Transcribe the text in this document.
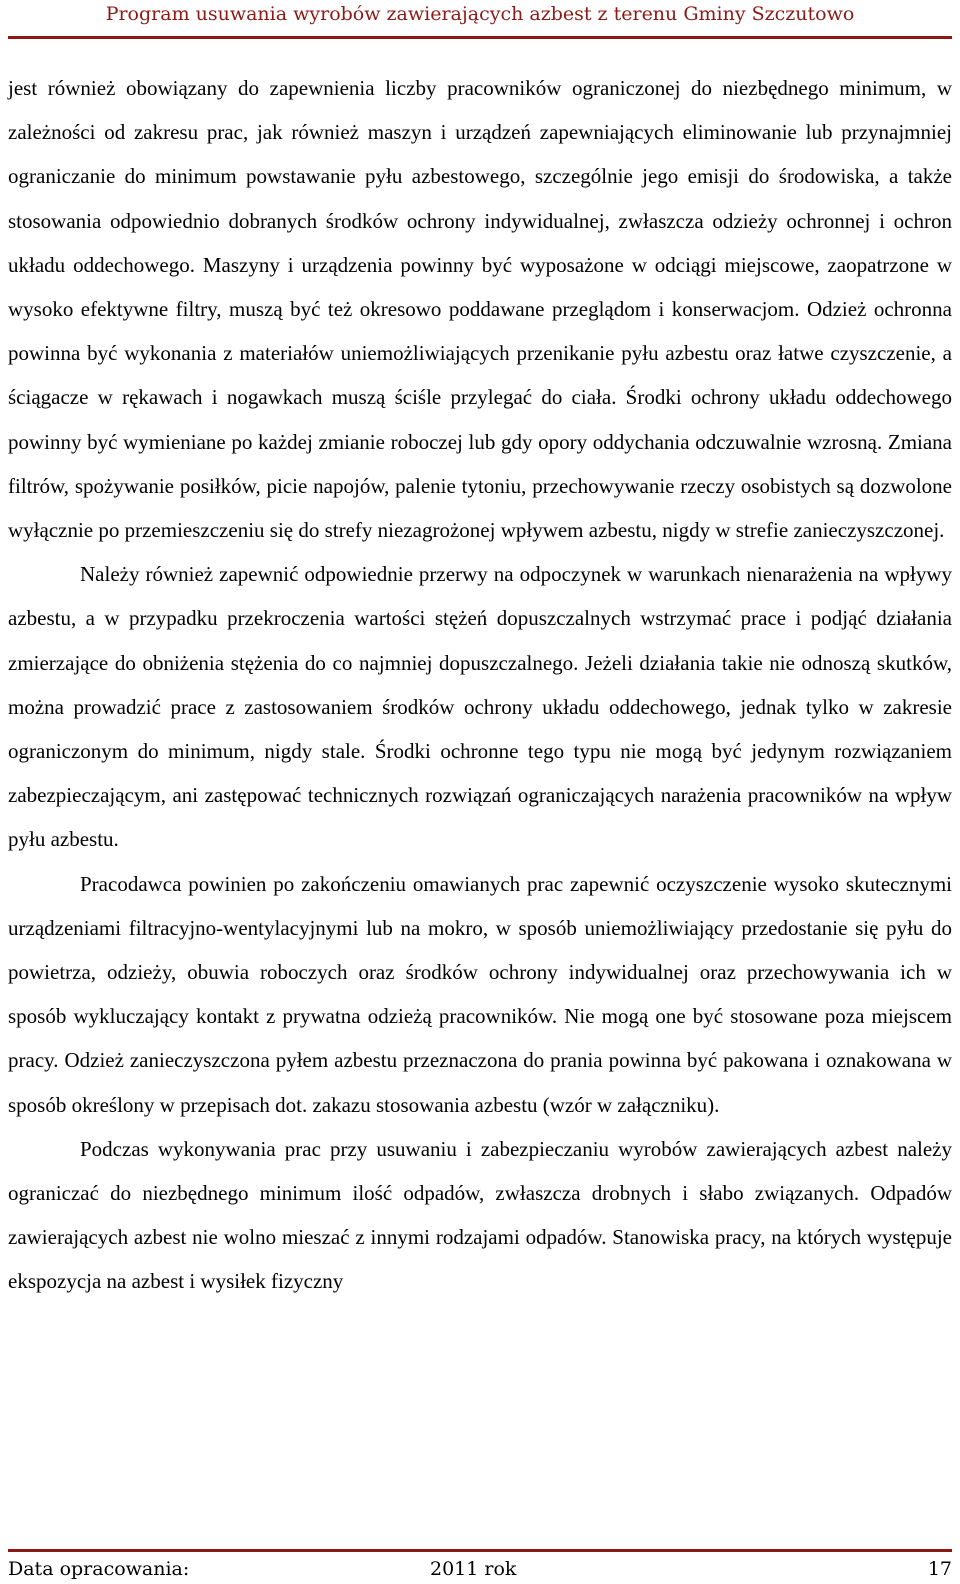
Program usuwania wyrobów zawierających azbest z terenu Gminy Szczutowo

jest również obowiązany do zapewnienia liczby pracowników ograniczonej do niezbędnego minimum, w zależności od zakresu prac, jak również maszyn i urządzeń zapewniających eliminowanie lub przynajmniej ograniczanie do minimum powstawanie pyłu azbestowego, szczególnie jego emisji do środowiska, a także stosowania odpowiednio dobranych środków ochrony indywidualnej, zwłaszcza odzieży ochronnej i ochron układu oddechowego. Maszyny i urządzenia powinny być wyposażone w odciągi miejscowe, zaopatrzone w wysoko efektywne filtry, muszą być też okresowo poddawane przeglądom i konserwacjom. Odzież ochronna powinna być wykonania z materiałów uniemożliwiających przenikanie pyłu azbestu oraz łatwe czyszczenie, a ściągacze w rękawach i nogawkach muszą ściśle przylegać do ciała. Środki ochrony układu oddechowego powinny być wymieniane po każdej zmianie roboczej lub gdy opory oddychania odczuwalnie wzrosną. Zmiana filtrów, spożywanie posiłków, picie napojów, palenie tytoniu, przechowywanie rzeczy osobistych są dozwolone wyłącznie po przemieszczeniu się do strefy niezagrożonej wpływem azbestu, nigdy w strefie zanieczyszczonej.

Należy również zapewnić odpowiednie przerwy na odpoczynek w warunkach nienarażenia na wpływy azbestu, a w przypadku przekroczenia wartości stężeń dopuszczalnych wstrzymać prace i podjąć działania zmierzające do obniżenia stężenia do co najmniej dopuszczalnego. Jeżeli działania takie nie odnoszą skutków, można prowadzić prace z zastosowaniem środków ochrony układu oddechowego, jednak tylko w zakresie ograniczonym do minimum, nigdy stale. Środki ochronne tego typu nie mogą być jedynym rozwiązaniem zabezpieczającym, ani zastępować technicznych rozwiązań ograniczających narażenia pracowników na wpływ pyłu azbestu.

Pracodawca powinien po zakończeniu omawianych prac zapewnić oczyszczenie wysoko skutecznymi urządzeniami filtracyjno-wentylacyjnymi lub na mokro, w sposób uniemożliwiający przedostanie się pyłu do powietrza, odzieży, obuwia roboczych oraz środków ochrony indywidualnej oraz przechowywania ich w sposób wykluczający kontakt z prywatna odzieżą pracowników. Nie mogą one być stosowane poza miejscem pracy. Odzież zanieczyszczona pyłem azbestu przeznaczona do prania powinna być pakowana i oznakowana w sposób określony w przepisach dot. zakazu stosowania azbestu (wzór w załączniku).

Podczas wykonywania prac przy usuwaniu i zabezpieczaniu wyrobów zawierających azbest należy ograniczać do niezbędnego minimum ilość odpadów, zwłaszcza drobnych i słabo związanych. Odpadów zawierających azbest nie wolno mieszać z innymi rodzajami odpadów. Stanowiska pracy, na których występuje ekspozycja na azbest i wysiłek fizyczny

Data opracowania:	2011 rok	17
